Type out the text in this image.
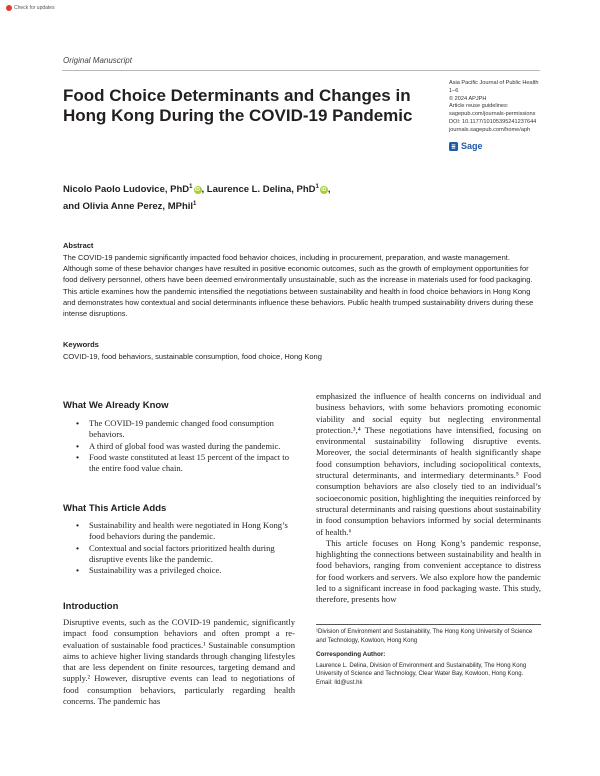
Check for updates
Original Manuscript
Food Choice Determinants and Changes in Hong Kong During the COVID-19 Pandemic
Asia Pacific Journal of Public Health
1–6
© 2024 APJPH
Article reuse guidelines:
sagepub.com/journals-permissions
DOI: 10.1177/10105395241237644
journals.sagepub.com/home/aph
Sage
Nicolo Paolo Ludovice, PhD$^1$iD , Laurence L. Delina, PhD$^1$iD ,
and Olivia Anne Perez, MPhil$^1$
Abstract
The COVID-19 pandemic significantly impacted food behavior choices, including in procurement, preparation, and waste management. Although some of these behavior changes have resulted in positive economic outcomes, such as the growth of employment opportunities for food delivery personnel, others have been deemed environmentally unsustainable, such as the increase in materials used for food packaging. This article examines how the pandemic intensified the negotiations between sustainability and health in food choice behaviors in Hong Kong and demonstrates how contextual and social determinants influence these behaviors. Public health trumped sustainability drivers during these intense disruptions.
Keywords
COVID-19, food behaviors, sustainable consumption, food choice, Hong Kong
What We Already Know
• The COVID-19 pandemic changed food consumption behaviors.
• A third of global food was wasted during the pandemic.
• Food waste constituted at least 15 percent of the impact to the entire food value chain.
What This Article Adds
• Sustainability and health were negotiated in Hong Kong’s food behaviors during the pandemic.
• Contextual and social factors prioritized health during disruptive events like the pandemic.
• Sustainability was a privileged choice.
Introduction
Disruptive events, such as the COVID-19 pandemic, significantly impact food consumption behaviors and often prompt a re-evaluation of sustainable food practices.¹ Sustainable consumption aims to achieve higher living standards through changing lifestyles that are less dependent on finite resources, targeting demand and supply.² However, disruptive events can lead to negotiations of food consumption behaviors, particularly regarding health concerns. The pandemic has

emphasized the influence of health concerns on individual and business behaviors, with some behaviors promoting economic viability and social equity but neglecting environmental protection.³,⁴ These negotiations have intensified, focusing on environmental sustainability following disruptive events. Moreover, the social determinants of health significantly shape food consumption behaviors, including sociopolitical contexts, structural determinants, and intermediary determinants.⁵ Food consumption behaviors are also closely tied to an individual’s socioeconomic position, highlighting the inequities reinforced by structural determinants and raising questions about sustainability in food consumption behaviors informed by social determinants of health.⁶

This article focuses on Hong Kong’s pandemic response, highlighting the connections between sustainability and health in food behaviors, ranging from convenient acceptance to distress for food workers and servers. We also explore how the pandemic led to a significant increase in food packaging waste. This study, therefore, presents how

¹Division of Environment and Sustainability, The Hong Kong University of Science and Technology, Kowloon, Hong Kong

Corresponding Author:
Laurence L. Delina, Division of Environment and Sustainability, The Hong Kong University of Science and Technology, Clear Water Bay, Kowloon, Hong Kong.
Email: lld@ust.hk
